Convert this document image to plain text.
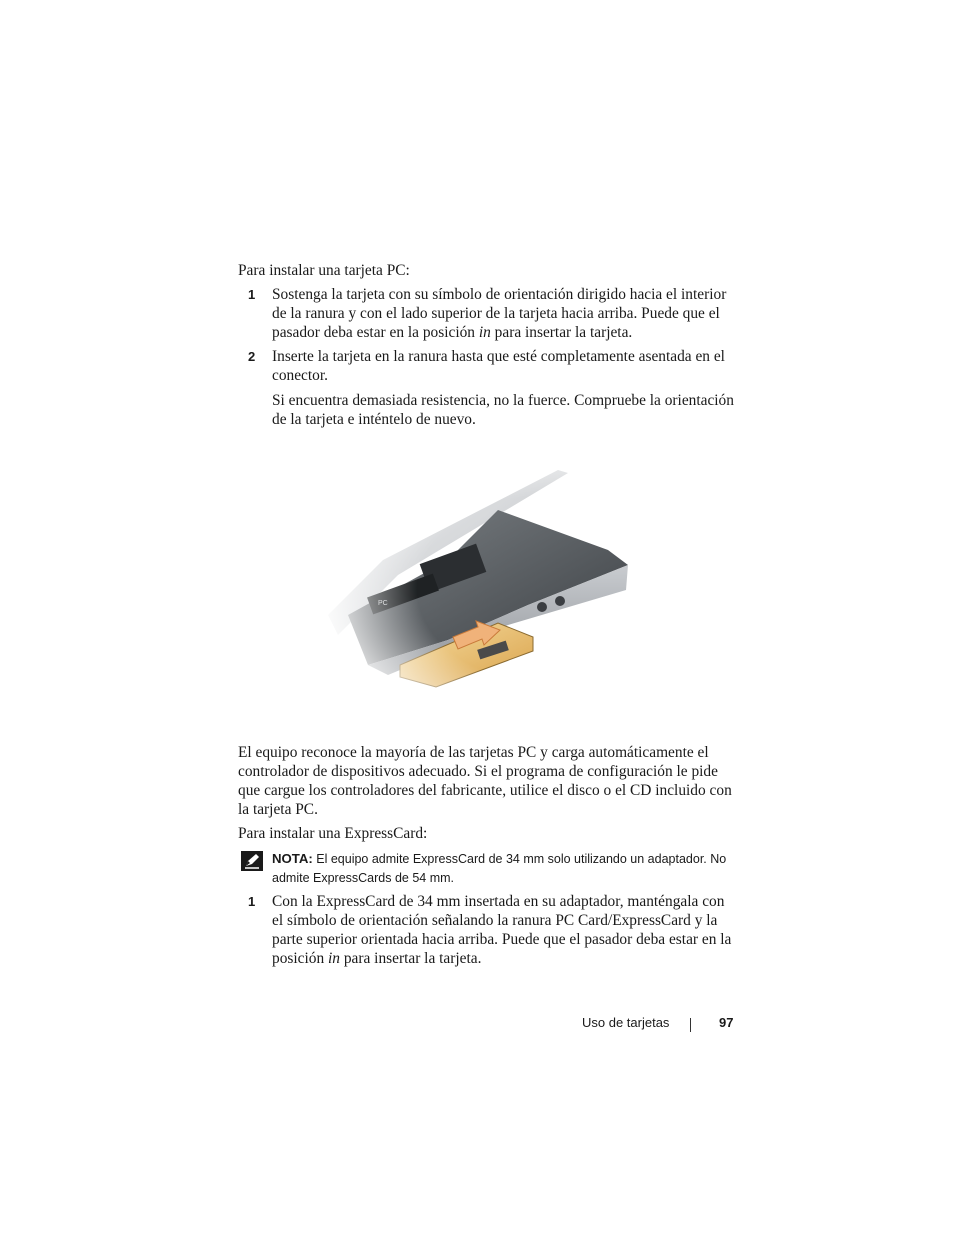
Para instalar una tarjeta PC:

1 Sostenga la tarjeta con su símbolo de orientación dirigido hacia el interior de la ranura y con el lado superior de la tarjeta hacia arriba. Puede que el pasador deba estar en la posición in para insertar la tarjeta.

2 Inserte la tarjeta en la ranura hasta que esté completamente asentada en el conector.

Si encuentra demasiada resistencia, no la fuerce. Compruebe la orientación de la tarjeta e inténtelo de nuevo.

El equipo reconoce la mayoría de las tarjetas PC y carga automáticamente el controlador de dispositivos adecuado. Si el programa de configuración le pide que cargue los controladores del fabricante, utilice el disco o el CD incluido con la tarjeta PC.

Para instalar una ExpressCard:

NOTA: El equipo admite ExpressCard de 34 mm solo utilizando un adaptador. No admite ExpressCards de 54 mm.
1 Con la ExpressCard de 34 mm insertada en su adaptador, manténgala con el símbolo de orientación señalando la ranura PC Card/ExpressCard y la parte superior orientada hacia arriba. Puede que el pasador deba estar en la posición in para insertar la tarjeta.

Uso de tarjetas	97
